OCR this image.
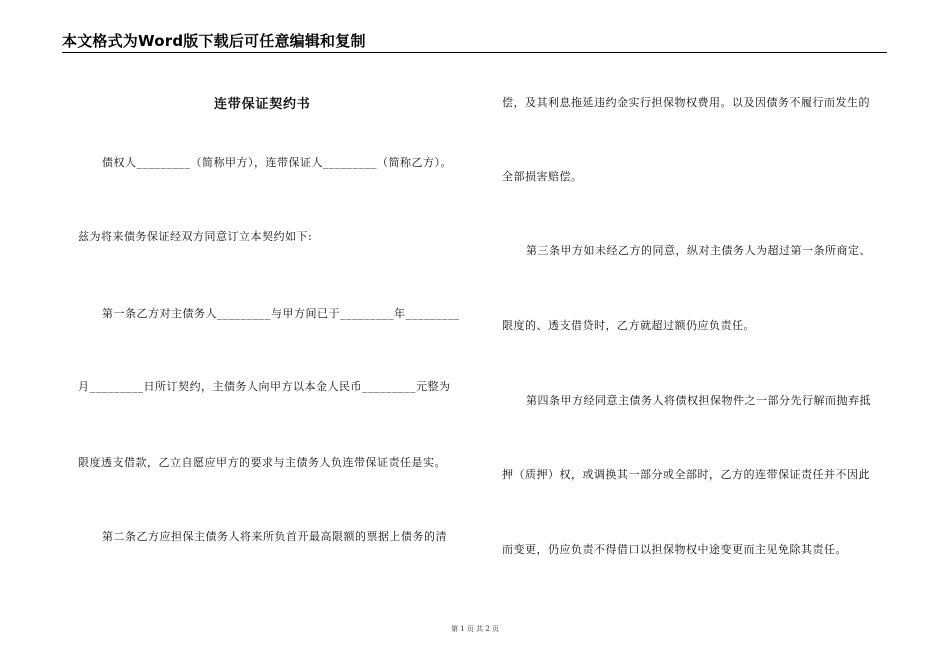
本文格式为Word版下载后可任意编辑和复制
连带保证契约书
债权人_________（简称甲方），连带保证人_________（简称乙方）。
兹为将来债务保证经双方同意订立本契约如下:
第一条乙方对主债务人_________与甲方间已于_________年_________
月_________日所订契约，主债务人向甲方以本金人民币_________元整为
限度透支借款，乙立自愿应甲方的要求与主债务人负连带保证责任是实。
第二条乙方应担保主债务人将来所负首开最高限额的票据上债务的清
偿，及其利息拖延违约金实行担保物权费用。以及因债务不履行而发生的
全部损害赔偿。
第三条甲方如未经乙方的同意，纵对主债务人为超过第一条所商定、
限度的、透支借贷时，乙方就超过额仍应负责任。
第四条甲方经同意主债务人将债权担保物件之一部分先行解而抛弃抵
押（质押）权，或调换其一部分或全部时，乙方的连带保证责任并不因此
而变更，仍应负责不得借口以担保物权中途变更而主见免除其责任。
第 1 页 共 2 页
